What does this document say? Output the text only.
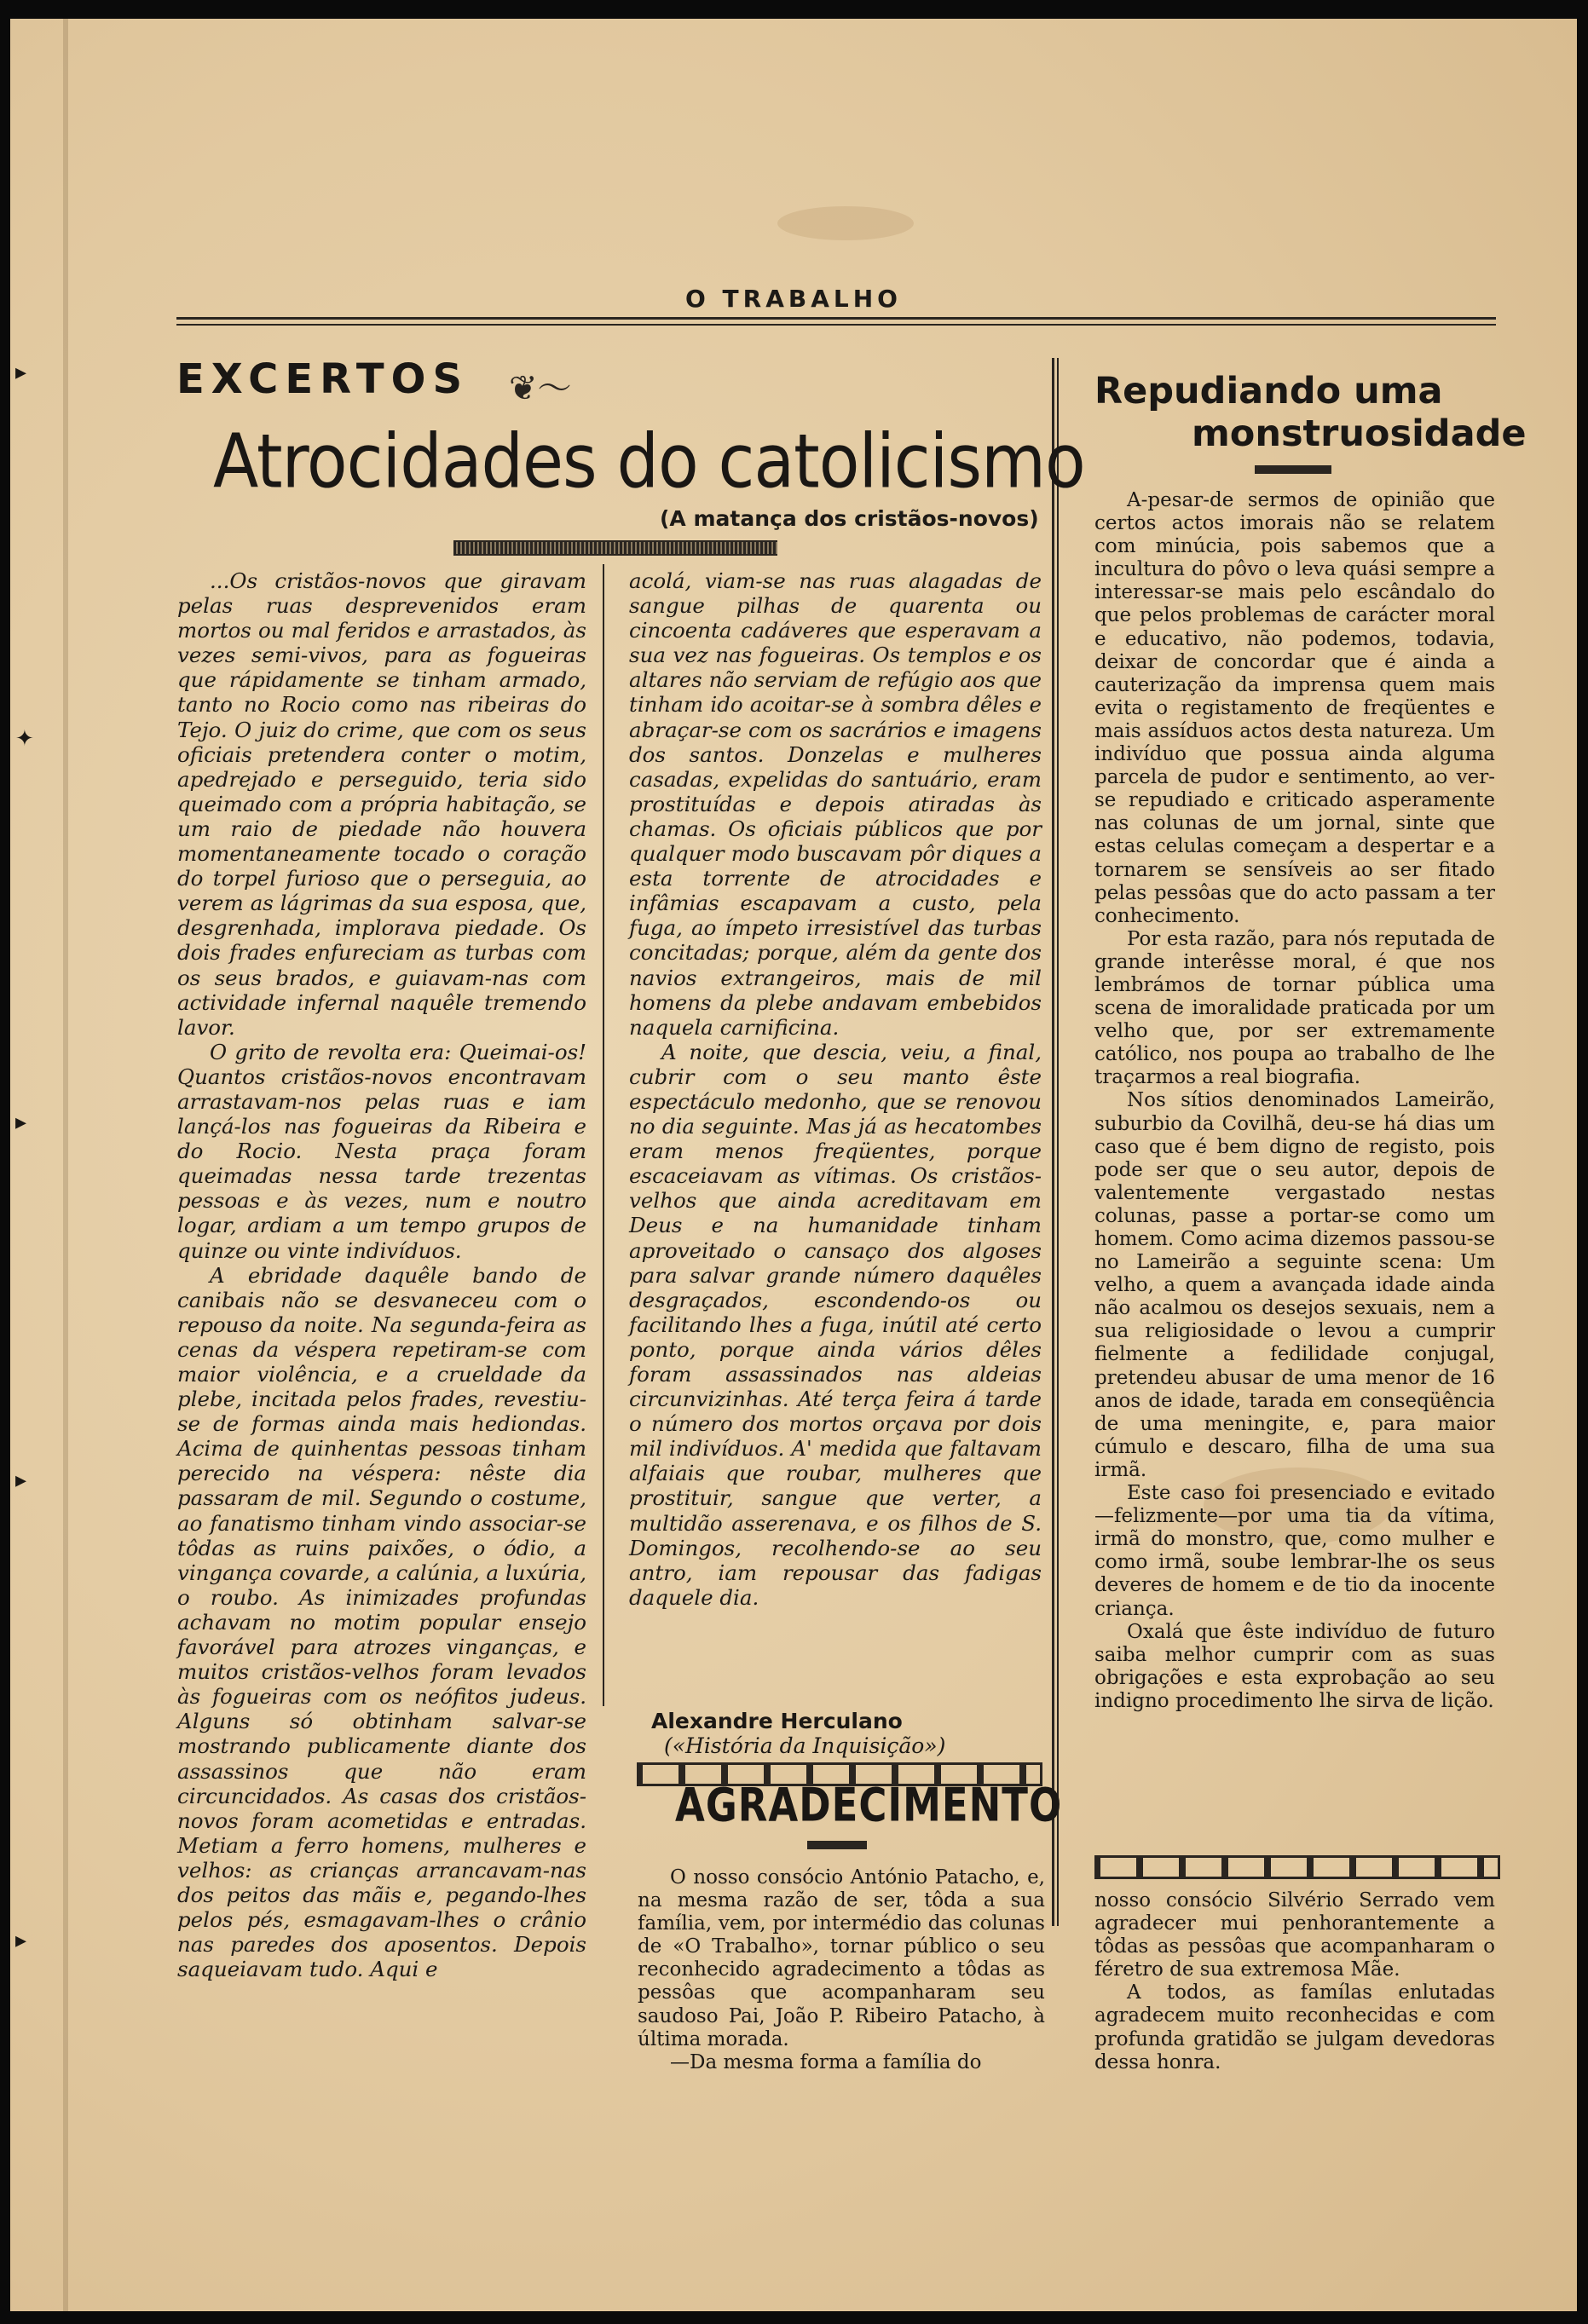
O TRABALHO
EXCERTOS ❦〜
Atrocidades do catolicismo
(A matança dos cristãos-novos)

...Os cristãos-novos que giravam pelas ruas desprevenidos eram mortos ou mal feridos e arrastados, às vezes semi-vivos, para as fogueiras que rápidamente se tinham armado, tanto no Rocio como nas ribeiras do Tejo. O juiz do crime, que com os seus oficiais pretendera conter o motim, apedrejado e perseguido, teria sido queimado com a própria habitação, se um raio de piedade não houvera momentaneamente tocado o coração do torpel furioso que o perseguia, ao verem as lágrimas da sua esposa, que, desgrenhada, implorava piedade. Os dois frades enfureciam as turbas com os seus brados, e guiavam-nas com actividade infernal naquêle tremendo lavor.

O grito de revolta era: Queimai-os! Quantos cristãos-novos encontravam arrastavam-nos pelas ruas e iam lançá-los nas fogueiras da Ribeira e do Rocio. Nesta praça foram queimadas nessa tarde trezentas pessoas e às vezes, num e noutro logar, ardiam a um tempo grupos de quinze ou vinte indivíduos.

A ebridade daquêle bando de canibais não se desvaneceu com o repouso da noite. Na segunda-feira as cenas da véspera repetiram-se com maior violência, e a crueldade da plebe, incitada pelos frades, revestiu-se de formas ainda mais hediondas. Acima de quinhentas pessoas tinham perecido na véspera: nêste dia passaram de mil. Segundo o costume, ao fanatismo tinham vindo associar-se tôdas as ruins paixões, o ódio, a vingança covarde, a calúnia, a luxúria, o roubo. As inimizades profundas achavam no motim popular ensejo favorável para atrozes vinganças, e muitos cristãos-velhos foram levados às fogueiras com os neófitos judeus. Alguns só obtinham salvar-se mostrando publicamente diante dos assassinos que não eram circuncidados. As casas dos cristãos-novos foram acometidas e entradas. Metiam a ferro homens, mulheres e velhos: as crianças arrancavam-nas dos peitos das mãis e, pegando-lhes pelos pés, esmagavam-lhes o crânio nas paredes dos aposentos. Depois saqueiavam tudo. Aqui e

acolá, viam-se nas ruas alagadas de sangue pilhas de quarenta ou cincoenta cadáveres que esperavam a sua vez nas fogueiras. Os templos e os altares não serviam de refúgio aos que tinham ido acoitar-se à sombra dêles e abraçar-se com os sacrários e imagens dos santos. Donzelas e mulheres casadas, expelidas do santuário, eram prostituídas e depois atiradas às chamas. Os oficiais públicos que por qualquer modo buscavam pôr diques a esta torrente de atrocidades e infâmias escapavam a custo, pela fuga, ao ímpeto irresistível das turbas concitadas; porque, além da gente dos navios extrangeiros, mais de mil homens da plebe andavam embebidos naquela carnificina.

A noite, que descia, veiu, a final, cubrir com o seu manto êste espectáculo medonho, que se renovou no dia seguinte. Mas já as hecatombes eram menos freqüentes, porque escaceiavam as vítimas. Os cristãos-velhos que ainda acreditavam em Deus e na humanidade tinham aproveitado o cansaço dos algoses para salvar grande número daquêles desgraçados, escondendo-os ou facilitando lhes a fuga, inútil até certo ponto, porque ainda vários dêles foram assassinados nas aldeias circunvizinhas. Até terça feira á tarde o número dos mortos orçava por dois mil indivíduos. A' medida que faltavam alfaiais que roubar, mulheres que prostituir, sangue que verter, a multidão asserenava, e os filhos de S. Domingos, recolhendo-se ao seu antro, iam repousar das fadigas daquele dia.

Alexandre Herculano
(«História da Inquisição»)
AGRADECIMENTO

O nosso consócio António Patacho, e, na mesma razão de ser, tôda a sua família, vem, por intermédio das colunas de «O Trabalho», tornar público o seu reconhecido agradecimento a tôdas as pessôas que acompanharam seu saudoso Pai, João P. Ribeiro Patacho, à última morada.

—Da mesma forma a família do

Repudiando uma
monstruosidade

A-pesar-de sermos de opinião que certos actos imorais não se relatem com minúcia, pois sabemos que a incultura do pôvo o leva quási sempre a interessar-se mais pelo escândalo do que pelos problemas de carácter moral e educativo, não podemos, todavia, deixar de concordar que é ainda a cauterização da imprensa quem mais evita o registamento de freqüentes e mais assíduos actos desta natureza. Um indivíduo que possua ainda alguma parcela de pudor e sentimento, ao ver-se repudiado e criticado asperamente nas colunas de um jornal, sinte que estas celulas começam a despertar e a tornarem se sensíveis ao ser fitado pelas pessôas que do acto passam a ter conhecimento.

Por esta razão, para nós reputada de grande interêsse moral, é que nos lembrámos de tornar pública uma scena de imoralidade praticada por um velho que, por ser extremamente católico, nos poupa ao trabalho de lhe traçarmos a real biografia.

Nos sítios denominados Lameirão, suburbio da Covilhã, deu-se há dias um caso que é bem digno de registo, pois pode ser que o seu autor, depois de valentemente vergastado nestas colunas, passe a portar-se como um homem. Como acima dizemos passou-se no Lameirão a seguinte scena: Um velho, a quem a avançada idade ainda não acalmou os desejos sexuais, nem a sua religiosidade o levou a cumprir fielmente a fedilidade conjugal, pretendeu abusar de uma menor de 16 anos de idade, tarada em conseqüência de uma meningite, e, para maior cúmulo e descaro, filha de uma sua irmã.

Este caso foi presenciado e evitado—felizmente—por uma tia da vítima, irmã do monstro, que, como mulher e como irmã, soube lembrar-lhe os seus deveres de homem e de tio da inocente criança.

Oxalá que êste indivíduo de futuro saiba melhor cumprir com as suas obrigações e esta exprobação ao seu indigno procedimento lhe sirva de lição.

nosso consócio Silvério Serrado vem agradecer mui penhorantemente a tôdas as pessôas que acompanharam o féretro de sua extremosa Mãe.

A todos, as famílas enlutadas agradecem muito reconhecidas e com profunda gratidão se julgam devedoras dessa honra.

▸
✦
▸
▸
▸
